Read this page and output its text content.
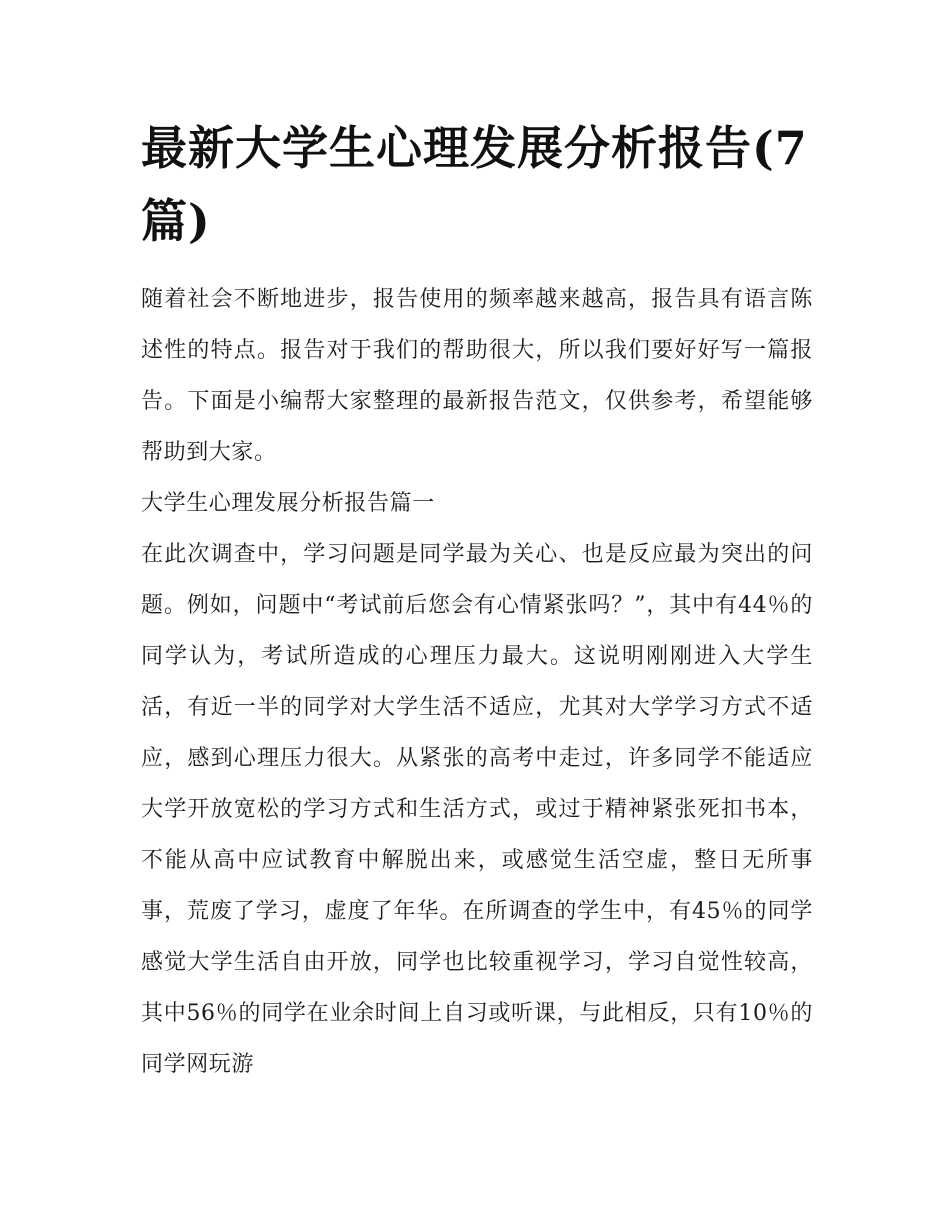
最新大学生心理发展分析报告(7篇)

随着社会不断地进步，报告使用的频率越来越高，报告具有语言陈述性的特点。报告对于我们的帮助很大，所以我们要好好写一篇报告。下面是小编帮大家整理的最新报告范文，仅供参考，希望能够帮助到大家。

大学生心理发展分析报告篇一

在此次调查中，学习问题是同学最为关心、也是反应最为突出的问题。例如，问题中“考试前后您会有心情紧张吗？”，其中有44％的同学认为，考试所造成的心理压力最大。这说明刚刚进入大学生活，有近一半的同学对大学生活不适应，尤其对大学学习方式不适应，感到心理压力很大。从紧张的高考中走过，许多同学不能适应大学开放宽松的学习方式和生活方式，或过于精神紧张死扣书本，不能从高中应试教育中解脱出来，或感觉生活空虚，整日无所事事，荒废了学习，虚度了年华。在所调查的学生中，有45％的同学感觉大学生活自由开放，同学也比较重视学习，学习自觉性较高，其中56％的同学在业余时间上自习或听课，与此相反，只有10％的同学网玩游
